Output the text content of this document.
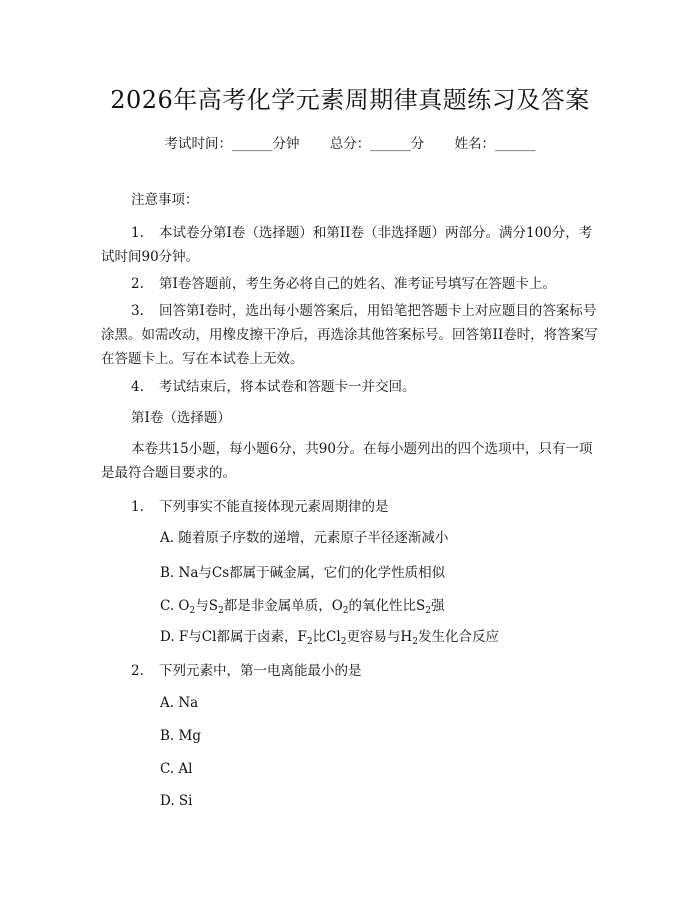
2026年高考化学元素周期律真题练习及答案
考试时间：______分钟 总分：______分 姓名：______
注意事项：
1. 本试卷分第I卷（选择题）和第II卷（非选择题）两部分。满分100分，考试时间90分钟。
2. 第I卷答题前，考生务必将自己的姓名、准考证号填写在答题卡上。
3. 回答第I卷时，选出每小题答案后，用铅笔把答题卡上对应题目的答案标号涂黑。如需改动，用橡皮擦干净后，再选涂其他答案标号。回答第II卷时，将答案写在答题卡上。写在本试卷上无效。
4. 考试结束后，将本试卷和答题卡一并交回。
第I卷（选择题）
本卷共15小题，每小题6分，共90分。在每小题列出的四个选项中，只有一项是最符合题目要求的。
1. 下列事实不能直接体现元素周期律的是
A. 随着原子序数的递增，元素原子半径逐渐减小
B. Na与Cs都属于碱金属，它们的化学性质相似
C. $O_2$与$S_2$都是非金属单质，$O_2$的氧化性比$S_2$强
D. F与Cl都属于卤素，$F_2$比$Cl_2$更容易与$H_2$发生化合反应
2. 下列元素中，第一电离能最小的是
A. Na
B. Mg
C. Al
D. Si
